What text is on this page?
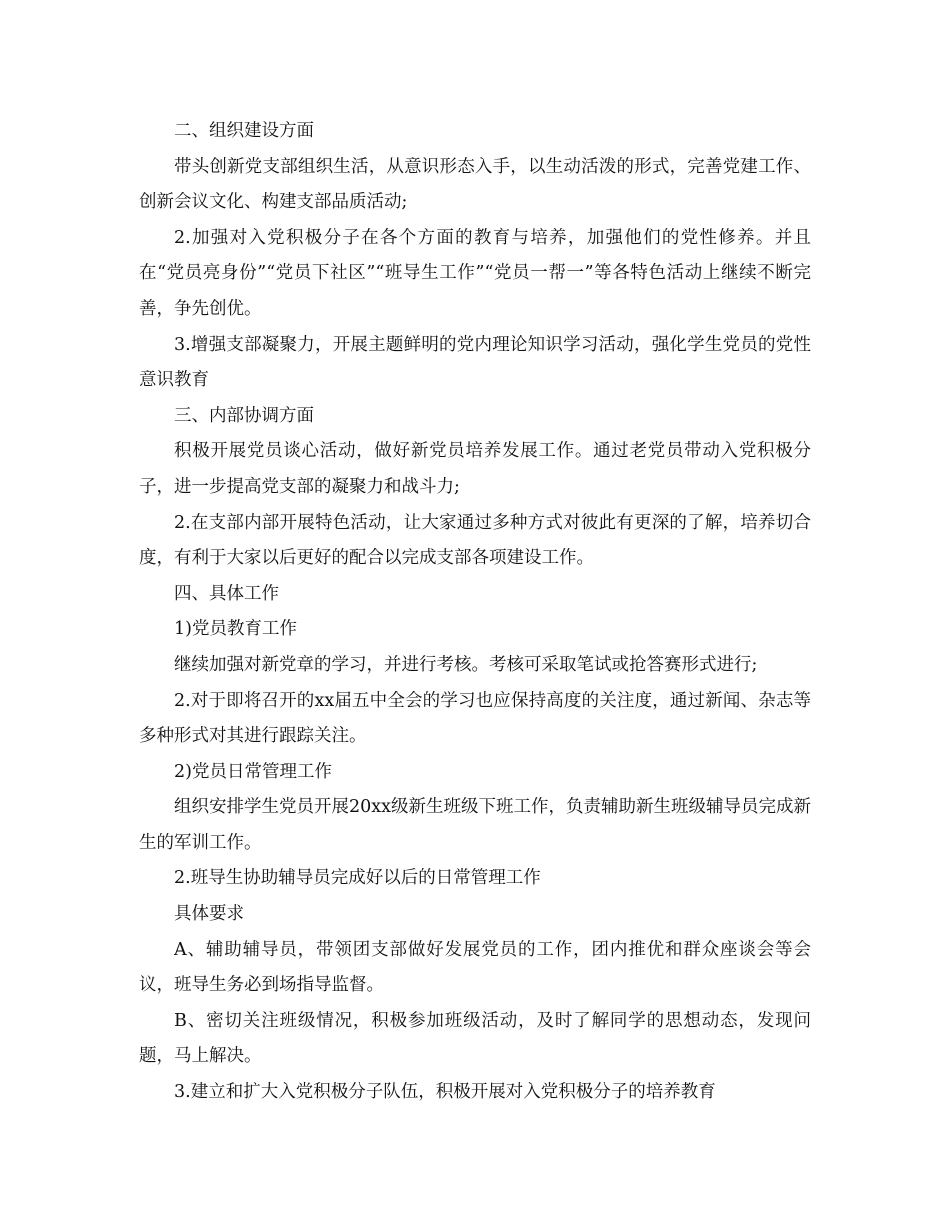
二、组织建设方面

带头创新党支部组织生活，从意识形态入手，以生动活泼的形式，完善党建工作、创新会议文化、构建支部品质活动;

2.加强对入党积极分子在各个方面的教育与培养，加强他们的党性修养。并且在“党员亮身份”“党员下社区”“班导生工作”“党员一帮一”等各特色活动上继续不断完善，争先创优。

3.增强支部凝聚力，开展主题鲜明的党内理论知识学习活动，强化学生党员的党性意识教育

三、内部协调方面

积极开展党员谈心活动，做好新党员培养发展工作。通过老党员带动入党积极分子，进一步提高党支部的凝聚力和战斗力;

2.在支部内部开展特色活动，让大家通过多种方式对彼此有更深的了解，培养切合度，有利于大家以后更好的配合以完成支部各项建设工作。

四、具体工作

1)党员教育工作

继续加强对新党章的学习，并进行考核。考核可采取笔试或抢答赛形式进行;

2.对于即将召开的xx届五中全会的学习也应保持高度的关注度，通过新闻、杂志等多种形式对其进行跟踪关注。

2)党员日常管理工作

组织安排学生党员开展20xx级新生班级下班工作，负责辅助新生班级辅导员完成新生的军训工作。

2.班导生协助辅导员完成好以后的日常管理工作

具体要求

A、辅助辅导员，带领团支部做好发展党员的工作，团内推优和群众座谈会等会议，班导生务必到场指导监督。

B、密切关注班级情况，积极参加班级活动，及时了解同学的思想动态，发现问题，马上解决。

3.建立和扩大入党积极分子队伍，积极开展对入党积极分子的培养教育
